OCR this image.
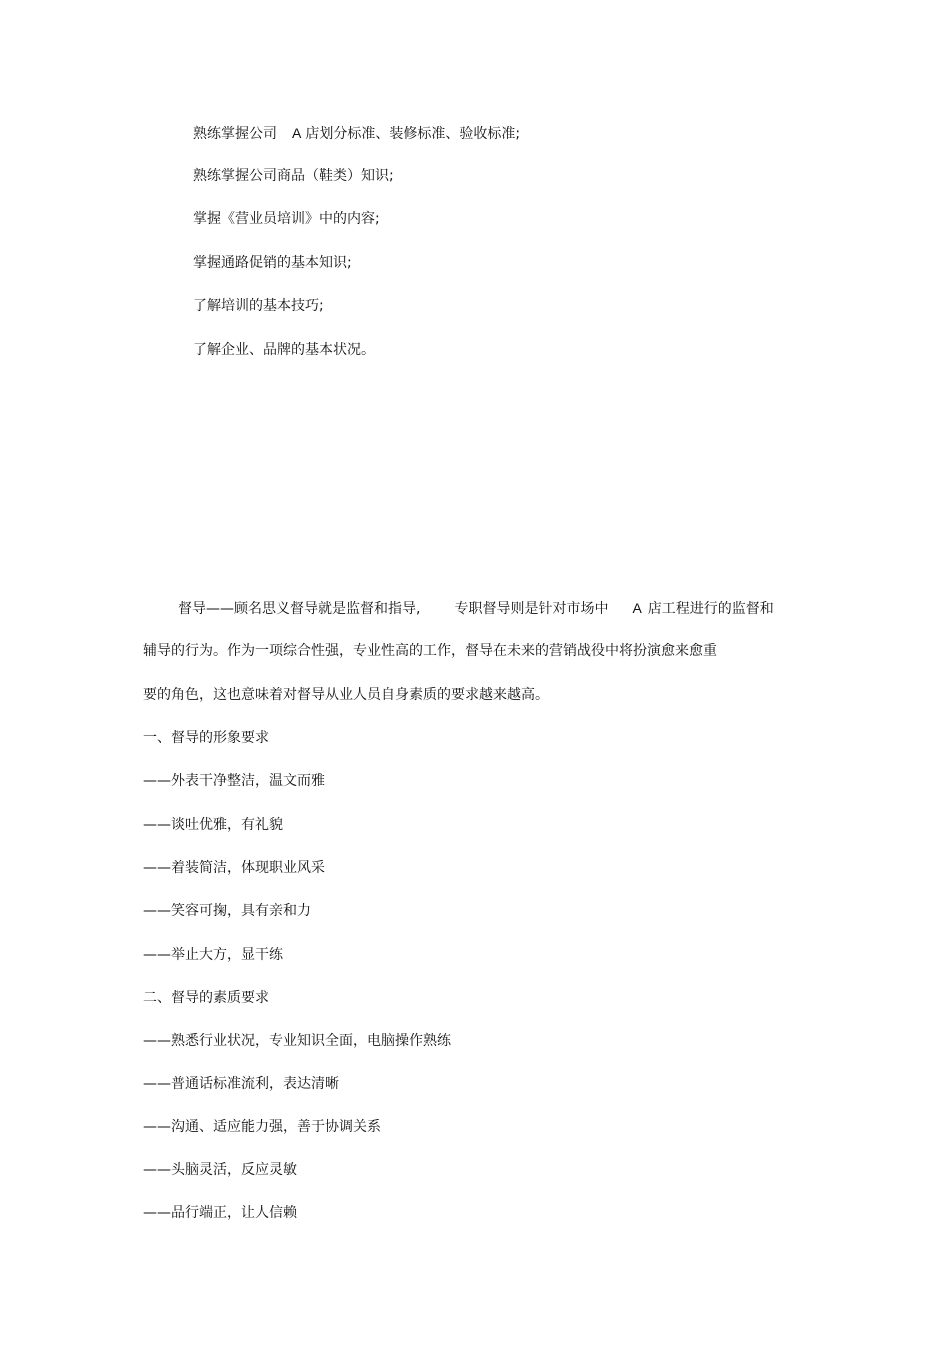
熟练掌握公司 A 店划分标准、装修标准、验收标准;
熟练掌握公司商品（鞋类）知识;
掌握《营业员培训》中的内容;
掌握通路促销的基本知识;
了解培训的基本技巧;
了解企业、品牌的基本状况。
督导——顾名思义督导就是监督和指导, 专职督导则是针对市场中 A 店工程进行的监督和
辅导的行为。作为一项综合性强，专业性高的工作，督导在未来的营销战役中将扮演愈来愈重
要的角色，这也意味着对督导从业人员自身素质的要求越来越高。
一、督导的形象要求
——外表干净整洁，温文而雅
——谈吐优雅，有礼貌
——着装简洁，体现职业风采
——笑容可掬，具有亲和力
——举止大方，显干练
二、督导的素质要求
——熟悉行业状况，专业知识全面，电脑操作熟练
——普通话标准流利，表达清晰
——沟通、适应能力强，善于协调关系
——头脑灵活，反应灵敏
——品行端正，让人信赖
